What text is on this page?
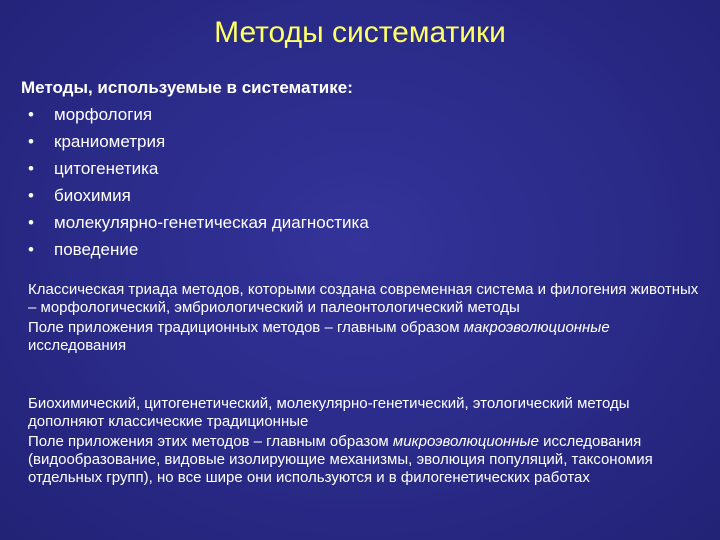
Методы систематики
Методы, используемые в систематике:
• морфология
• краниометрия
• цитогенетика
• биохимия
• молекулярно-генетическая диагностика
• поведение

Классическая триада методов, которыми создана современная система и филогения животных – морфологический, эмбриологический и палеонтологический методы

Поле приложения традиционных методов – главным образом макроэволюционные исследования

Биохимический, цитогенетический, молекулярно-генетический, этологический методы дополняют классические традиционные

Поле приложения этих методов – главным образом микроэволюционные исследования (видообразование, видовые изолирующие механизмы, эволюция популяций, таксономия отдельных групп), но все шире они используются и в филогенетических работах
